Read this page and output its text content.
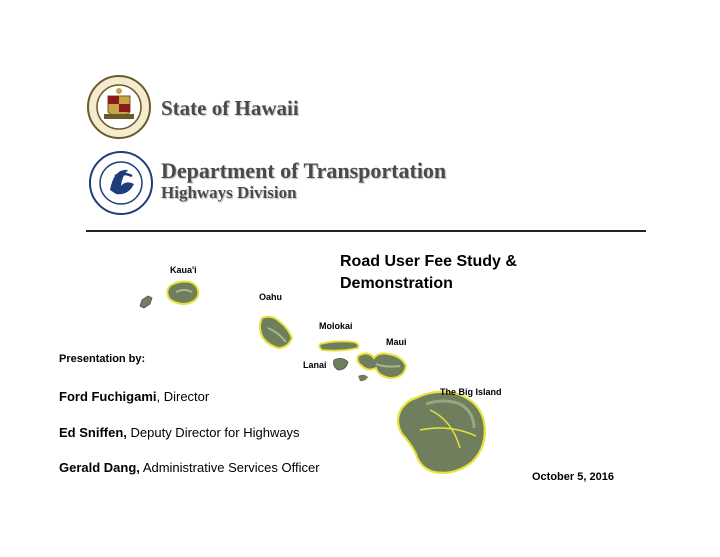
State of Hawaii
Department of Transportation
Highways Division
Road User Fee Study &
Demonstration
Kaua'i
Oahu
Molokai
Maui
Lanai
The Big Island
Presentation by:
Ford Fuchigami, Director
Ed Sniffen, Deputy Director for Highways
Gerald Dang, Administrative Services Officer
October 5, 2016
